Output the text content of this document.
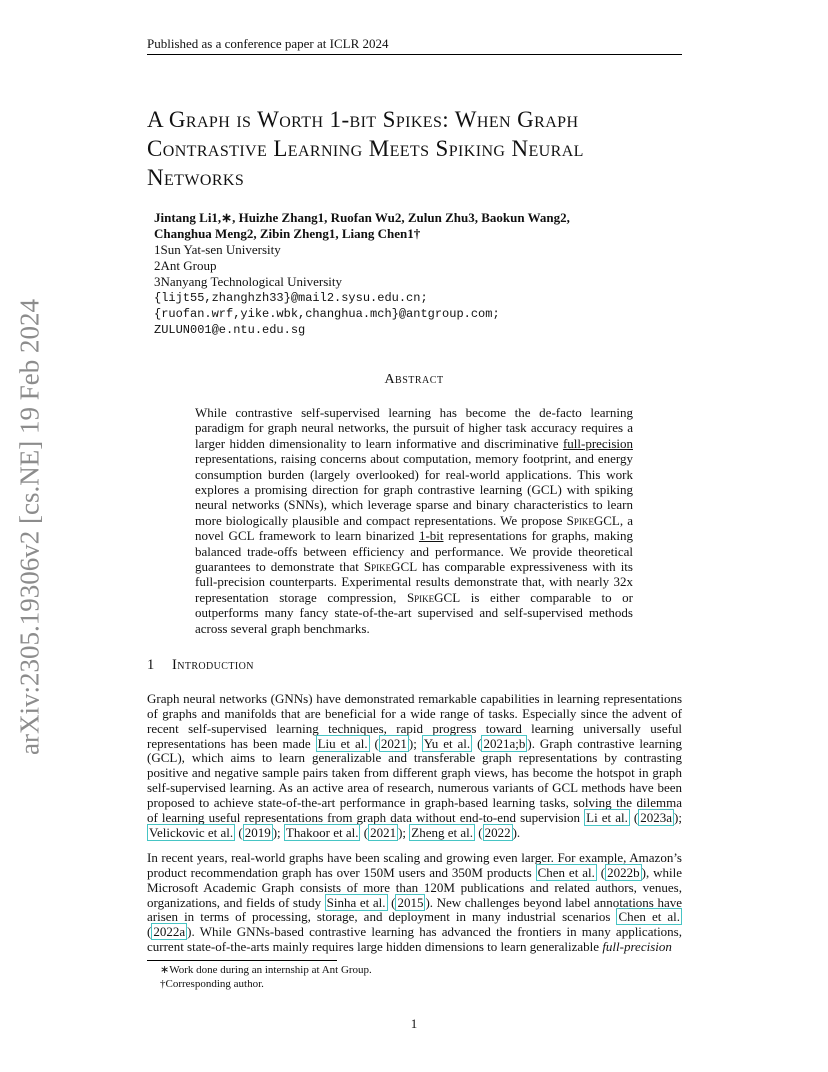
Published as a conference paper at ICLR 2024
arXiv:2305.19306v2 [cs.NE] 19 Feb 2024
A Graph is Worth 1-bit Spikes: When Graph
Contrastive Learning Meets Spiking Neural
Networks
Jintang Li1,∗, Huizhe Zhang1, Ruofan Wu2, Zulun Zhu3, Baokun Wang2,
Changhua Meng2, Zibin Zheng1, Liang Chen1†
1Sun Yat-sen University
2Ant Group
3Nanyang Technological University
{lijt55,zhanghzh33}@mail2.sysu.edu.cn;
{ruofan.wrf,yike.wbk,changhua.mch}@antgroup.com;
ZULUN001@e.ntu.edu.sg
Abstract
While contrastive self-supervised learning has become the de-facto learning paradigm for graph neural networks, the pursuit of higher task accuracy requires a larger hidden dimensionality to learn informative and discriminative full-precision representations, raising concerns about computation, memory footprint, and energy consumption burden (largely overlooked) for real-world applications. This work explores a promising direction for graph contrastive learning (GCL) with spiking neural networks (SNNs), which leverage sparse and binary characteristics to learn more biologically plausible and compact representations. We propose SpikeGCL, a novel GCL framework to learn binarized 1-bit representations for graphs, making balanced trade-offs between efficiency and performance. We provide theoretical guarantees to demonstrate that SpikeGCL has comparable expressiveness with its full-precision counterparts. Experimental results demonstrate that, with nearly 32x representation storage compression, SpikeGCL is either comparable to or outperforms many fancy state-of-the-art supervised and self-supervised methods across several graph benchmarks.
1 Introduction
Graph neural networks (GNNs) have demonstrated remarkable capabilities in learning representations of graphs and manifolds that are beneficial for a wide range of tasks. Especially since the advent of recent self-supervised learning techniques, rapid progress toward learning universally useful representations has been made Liu et al. ( 2021 ); Yu et al. ( 2021a;b ). Graph contrastive learning (GCL), which aims to learn generalizable and transferable graph representations by contrasting positive and negative sample pairs taken from different graph views, has become the hotspot in graph self-supervised learning. As an active area of research, numerous variants of GCL methods have been proposed to achieve state-of-the-art performance in graph-based learning tasks, solving the dilemma of learning useful representations from graph data without end-to-end supervision Li et al. ( 2023a ); Velickovic et al. ( 2019 ); Thakoor et al. ( 2021 ); Zheng et al. ( 2022 ).
In recent years, real-world graphs have been scaling and growing even larger. For example, Amazon’s product recommendation graph has over 150M users and 350M products Chen et al. ( 2022b ), while Microsoft Academic Graph consists of more than 120M publications and related authors, venues, organizations, and fields of study Sinha et al. ( 2015 ). New challenges beyond label annotations have arisen in terms of processing, storage, and deployment in many industrial scenarios Chen et al. ( 2022a ). While GNNs-based contrastive learning has advanced the frontiers in many applications, current state-of-the-arts mainly requires large hidden dimensions to learn generalizable full-precision
∗Work done during an internship at Ant Group.
†Corresponding author.
1
